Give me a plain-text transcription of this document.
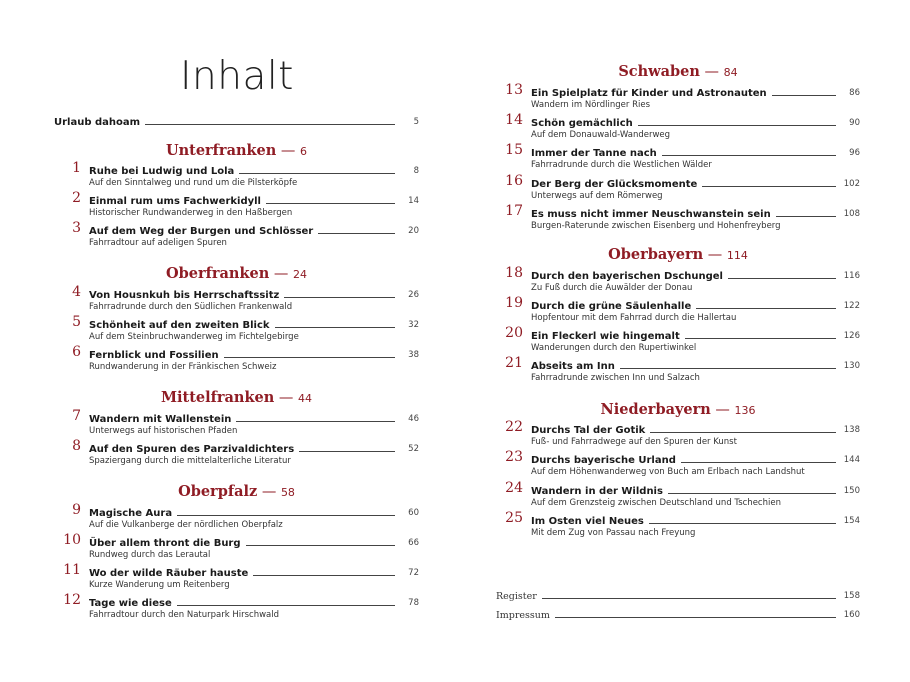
Inhalt
Urlaub dahoam	5
Unterfranken — 6
1 Ruhe bei Ludwig und Lola	8
Auf den Sinntalweg und rund um die Pilsterköpfe
2 Einmal rum ums Fachwerkidyll	14
Historischer Rundwanderweg in den Haßbergen
3 Auf dem Weg der Burgen und Schlösser	20
Fahrradtour auf adeligen Spuren
Oberfranken — 24
4 Von Housnkuh bis Herrschaftssitz	26
Fahrradrunde durch den Südlichen Frankenwald
5 Schönheit auf den zweiten Blick	32
Auf dem Steinbruchwanderweg im Fichtelgebirge
6 Fernblick und Fossilien	38
Rundwanderung in der Fränkischen Schweiz
Mittelfranken — 44
7 Wandern mit Wallenstein	46
Unterwegs auf historischen Pfaden
8 Auf den Spuren des Parzivaldichters	52
Spaziergang durch die mittelalterliche Literatur
Oberpfalz — 58
9 Magische Aura	60
Auf die Vulkanberge der nördlichen Oberpfalz
10 Über allem thront die Burg	66
Rundweg durch das Lerautal
11 Wo der wilde Räuber hauste	72
Kurze Wanderung um Reitenberg
12 Tage wie diese	78
Fahrradtour durch den Naturpark Hirschwald
Schwaben — 84
13 Ein Spielplatz für Kinder und Astronauten	86
Wandern im Nördlinger Ries
14 Schön gemächlich	90
Auf dem Donauwald-Wanderweg
15 Immer der Tanne nach	96
Fahrradrunde durch die Westlichen Wälder
16 Der Berg der Glücksmomente	102
Unterwegs auf dem Römerweg
17 Es muss nicht immer Neuschwanstein sein	108
Burgen-Raterunde zwischen Eisenberg und Hohenfreyberg
Oberbayern — 114
18 Durch den bayerischen Dschungel	116
Zu Fuß durch die Auwälder der Donau
19 Durch die grüne Säulenhalle	122
Hopfentour mit dem Fahrrad durch die Hallertau
20 Ein Fleckerl wie hingemalt	126
Wanderungen durch den Rupertiwinkel
21 Abseits am Inn	130
Fahrradrunde zwischen Inn und Salzach
Niederbayern — 136
22 Durchs Tal der Gotik	138
Fuß- und Fahrradwege auf den Spuren der Kunst
23 Durchs bayerische Urland	144
Auf dem Höhenwanderweg von Buch am Erlbach nach Landshut
24 Wandern in der Wildnis	150
Auf dem Grenzsteig zwischen Deutschland und Tschechien
25 Im Osten viel Neues	154
Mit dem Zug von Passau nach Freyung
Register	158
Impressum	160
